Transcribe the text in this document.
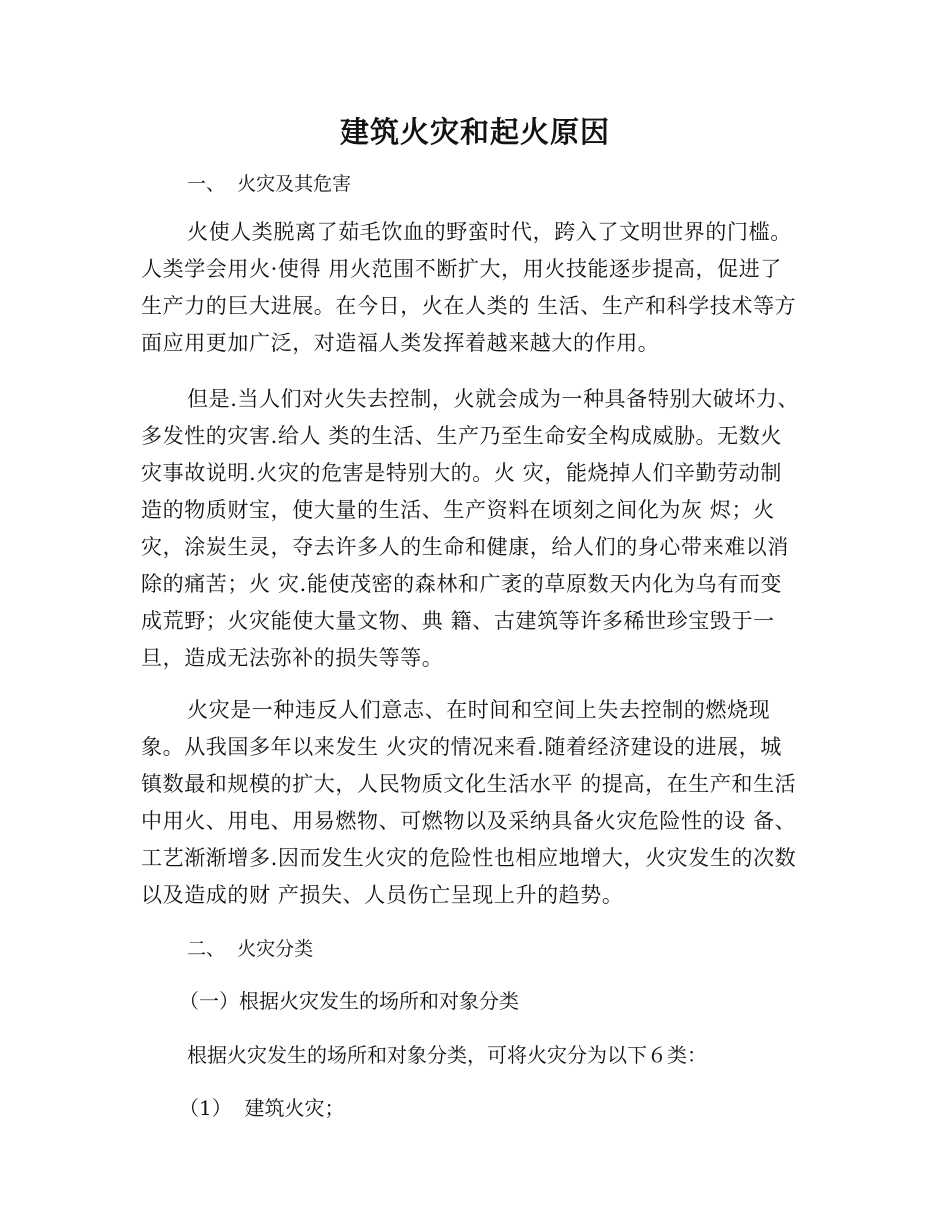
建筑火灾和起火原因
一、  火灾及其危害
火使人类脱离了茹毛饮血的野蛮时代，跨入了文明世界的门槛。
人类学会用火·使得 用火范围不断扩大，用火技能逐步提高，促进了
生产力的巨大进展。在今日，火在人类的 生活、生产和科学技术等方
面应用更加广泛，对造福人类发挥着越来越大的作用。
但是.当人们对火失去控制，火就会成为一种具备特别大破坏力、
多发性的灾害.给人 类的生活、生产乃至生命安全构成威胁。无数火
灾事故说明.火灾的危害是特别大的。火 灾，能烧掉人们辛勤劳动制
造的物质财宝，使大量的生活、生产资料在顷刻之间化为灰 烬；火
灾，涂炭生灵，夺去许多人的生命和健康，给人们的身心带来难以消
除的痛苦；火 灾.能使茂密的森林和广袤的草原数天内化为乌有而变
成荒野；火灾能使大量文物、典 籍、古建筑等许多稀世珍宝毁于一
旦，造成无法弥补的损失等等。
火灾是一种违反人们意志、在时间和空间上失去控制的燃烧现
象。从我国多年以来发生 火灾的情况来看.随着经济建设的进展，城
镇数最和规模的扩大，人民物质文化生活水平 的提高，在生产和生活
中用火、用电、用易燃物、可燃物以及采纳具备火灾危险性的设 备、
工艺渐渐增多.因而发生火灾的危险性也相应地增大，火灾发生的次数
以及造成的财 产损失、人员伤亡呈现上升的趋势。
二、  火灾分类
（一）根据火灾发生的场所和对象分类
根据火灾发生的场所和对象分类，可将火灾分为以下６类：
（1）  建筑火灾；
